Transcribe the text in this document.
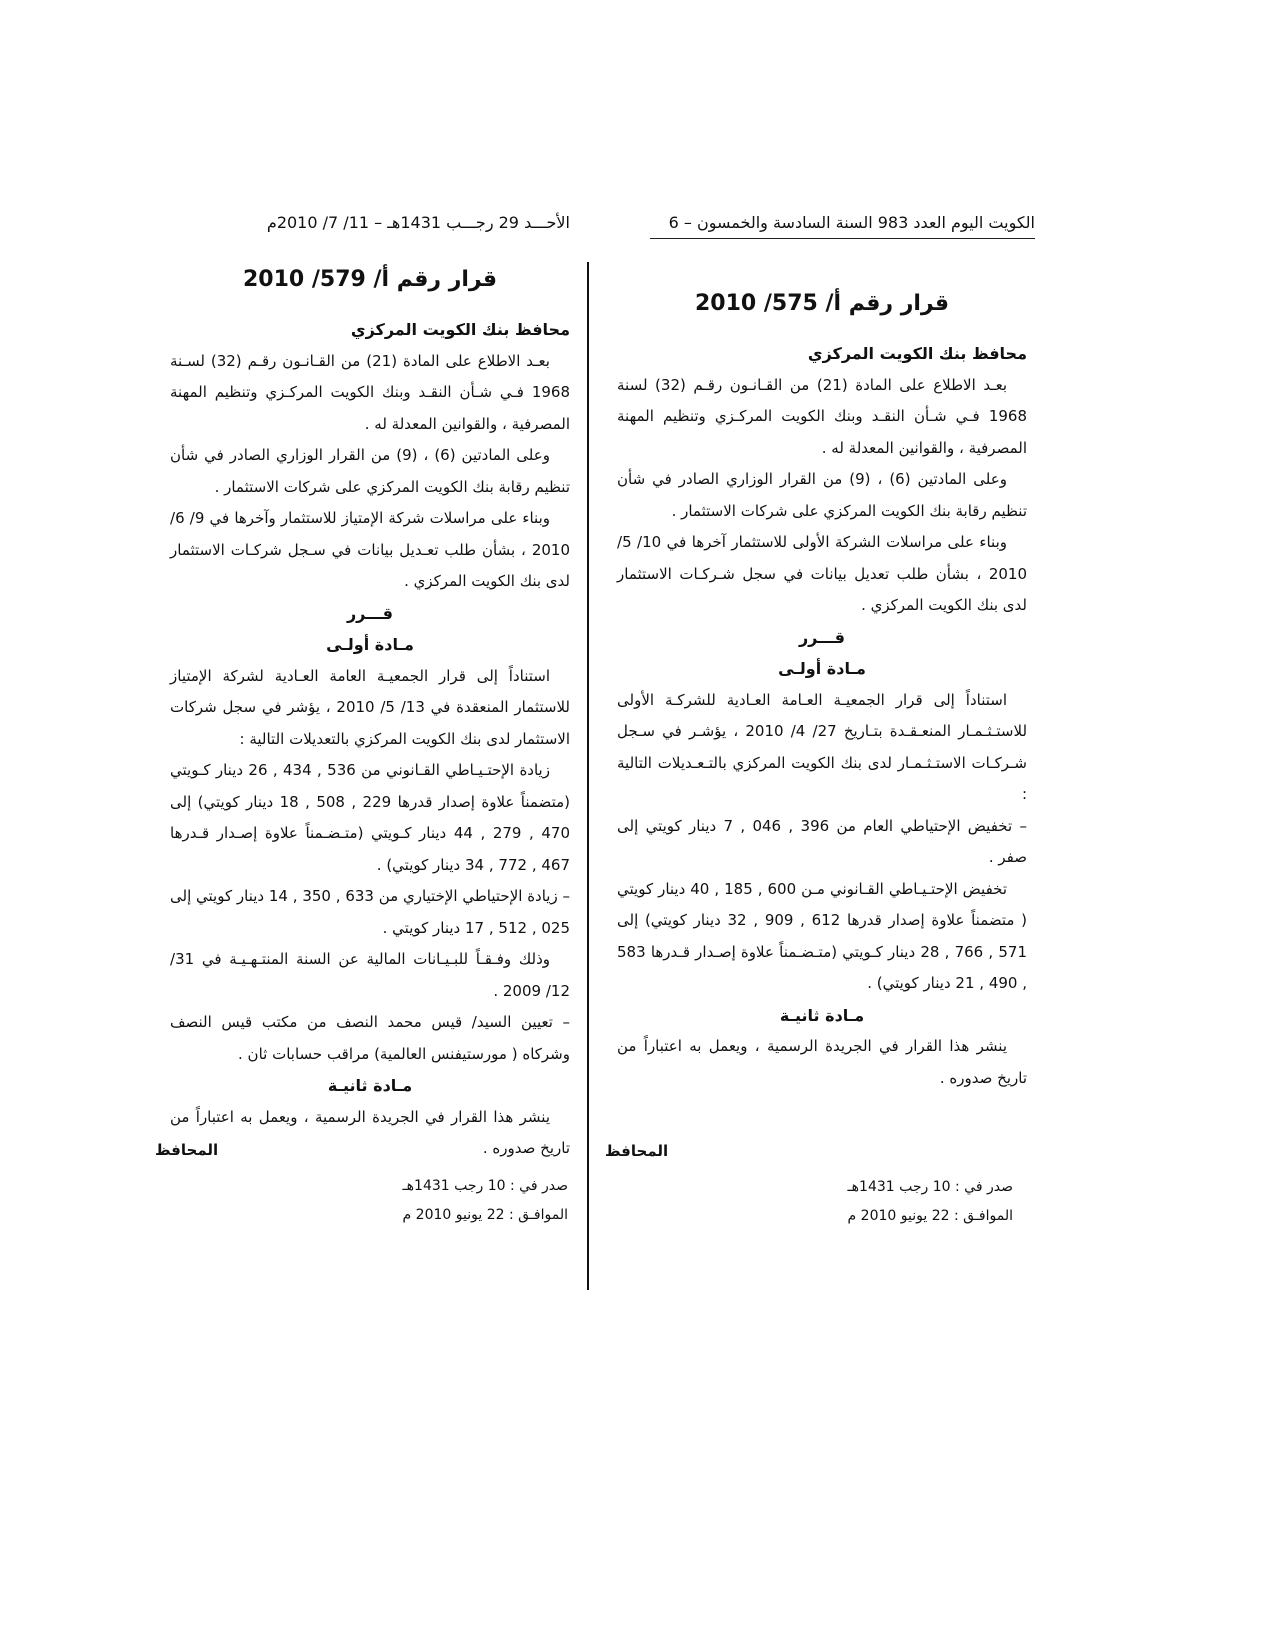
الكويت اليوم العدد 983 السنة السادسة والخمسون – 6
الأحـــد 29 رجـــب 1431هـ – 11/ 7/ 2010م
قرار رقم أ/ 575/ 2010
محافظ بنك الكويت المركزي

بعـد الاطلاع على المادة (21) من القـانـون رقـم (32) لسنة 1968 فـي شـأن النقـد وبنك الكويت المركـزي وتنظيم المهنة المصرفية ، والقوانين المعدلة له .

وعلى المادتين (6) ، (9) من القرار الوزاري الصادر في شأن تنظيم رقابة بنك الكويت المركزي على شركات الاستثمار .

وبناء على مراسلات الشركة الأولى للاستثمار آخرها في 10/ 5/ 2010 ، بشأن طلب تعديل بيانات في سجل شـركـات الاستثمار لدى بنك الكويت المركزي .

قـــرر
مـادة أولـى

استناداً إلى قرار الجمعيـة العـامة العـادية للشركـة الأولى للاستـثـمـار المنعـقـدة بتـاريخ 27/ 4/ 2010 ، يؤشـر في سـجل شـركـات الاستـثـمـار لدى بنك الكويت المركزي بالتـعـديلات التالية :

– تخفيض الإحتياطي العام من 396 , 046 , 7 دينار كويتي إلى صفر .

تخفيض الإحتـيـاطي القـانوني مـن 600 , 185 , 40 دينار كويتي ( متضمناً علاوة إصدار قدرها 612 , 909 , 32 دينار كويتي) إلى 571 , 766 , 28 دينار كـويتي (متـضـمناً علاوة إصـدار قـدرها 583 , 490 , 21 دينار كويتي) .

مـادة ثانيـة

ينشر هذا القرار في الجريدة الرسمية ، ويعمل به اعتباراً من تاريخ صدوره .

المحافظ
صدر في : 10 رجب 1431هـ
الموافـق : 22 يونيو 2010 م
قرار رقم أ/ 579/ 2010
محافظ بنك الكويت المركزي

بعـد الاطلاع على المادة (21) من القـانـون رقـم (32) لسـنة 1968 فـي شـأن النقـد وبنك الكويت المركـزي وتنظيم المهنة المصرفية ، والقوانين المعدلة له .

وعلى المادتين (6) ، (9) من القرار الوزاري الصادر في شأن تنظيم رقابة بنك الكويت المركزي على شركات الاستثمار .

وبناء على مراسلات شركة الإمتياز للاستثمار وآخرها في 9/ 6/ 2010 ، بشأن طلب تعـديل بيانات في سـجل شركـات الاستثمار لدى بنك الكويت المركزي .

قـــرر
مـادة أولـى

استناداً إلى قرار الجمعيـة العامة العـادية لشركة الإمتياز للاستثمار المنعقدة في 13/ 5/ 2010 ، يؤشر في سجل شركات الاستثمار لدى بنك الكويت المركزي بالتعديلات التالية :

زيادة الإحتـيـاطي القـانوني من 536 , 434 , 26 دينار كـويتي (متضمناً علاوة إصدار قدرها 229 , 508 , 18 دينار كويتي) إلى 470 , 279 , 44 دينار كـويتي (متـضـمناً علاوة إصـدار قـدرها 467 , 772 , 34 دينار كويتي) .

– زيادة الإحتياطي الإختياري من 633 , 350 , 14 دينار كويتي إلى 025 , 512 , 17 دينار كويتي .

وذلك وفـقـاً للبـيـانات المالية عن السنة المنتـهـيـة في 31/ 12/ 2009 .

– تعيين السيد/ قيس محمد النصف من مكتب قيس النصف وشركاه ( مورستيفنس العالمية) مراقب حسابات ثان .

مـادة ثانيـة

ينشر هذا القرار في الجريدة الرسمية ، ويعمل به اعتباراً من تاريخ صدوره .

المحافظ
صدر في : 10 رجب 1431هـ
الموافـق : 22 يونيو 2010 م
